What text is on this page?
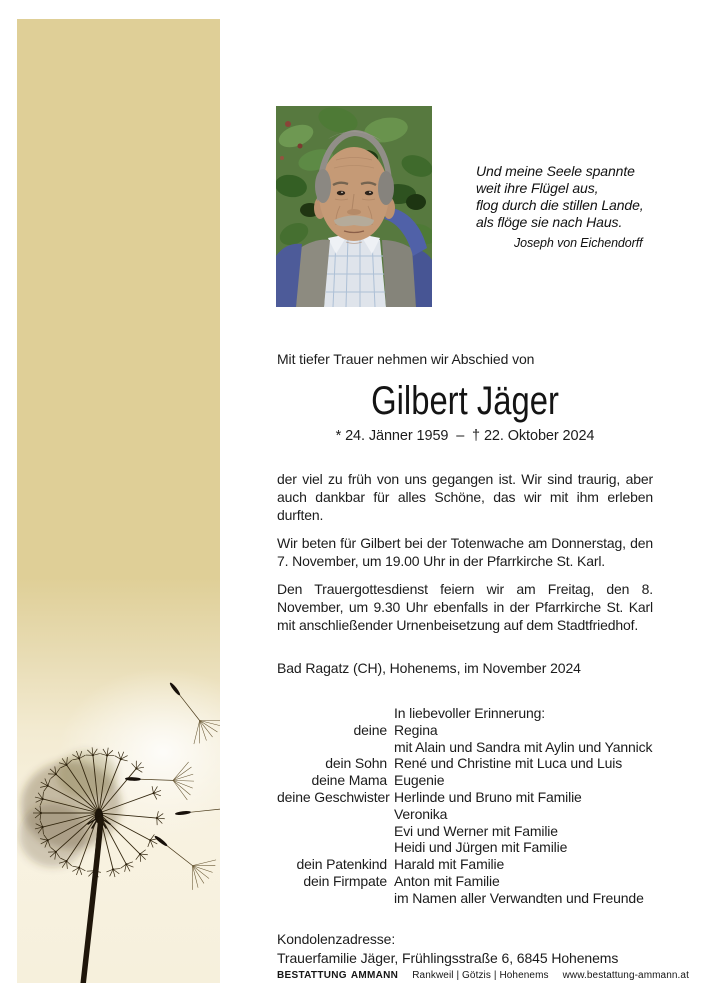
Und meine Seele spannte
weit ihre Flügel aus,
flog durch die stillen Lande,
als flöge sie nach Haus.
Joseph von Eichendorff
Mit tiefer Trauer nehmen wir Abschied von
Gilbert Jäger
* 24. Jänner 1959  –  † 22. Oktober 2024

der viel zu früh von uns gegangen ist. Wir sind traurig, aber auch dankbar für alles Schöne, das wir mit ihm erleben durften.

Wir beten für Gilbert bei der Totenwache am Donnerstag, den 7. November, um 19.00 Uhr in der Pfarrkirche St. Karl.

Den Trauergottesdienst feiern wir am Freitag, den 8. November, um 9.30 Uhr ebenfalls in der Pfarrkirche St. Karl mit anschließender Urnenbeisetzung auf dem Stadtfriedhof.

Bad Ragatz (CH), Hohenems, im November 2024
In liebevoller Erinnerung:
deine Regina
mit Alain und Sandra mit Aylin und Yannick
dein Sohn René und Christine mit Luca und Luis
deine Mama Eugenie
deine Geschwister Herlinde und Bruno mit Familie
Veronika
Evi und Werner mit Familie
Heidi und Jürgen mit Familie
dein Patenkind Harald mit Familie
dein Firmpate Anton mit Familie
im Namen aller Verwandten und Freunde
Kondolenzadresse:
Trauerfamilie Jäger, Frühlingsstraße 6, 6845 Hohenems
BESTATTUNG AMMANN Rankweil | Götzis | Hohenems www.bestattung-ammann.at
